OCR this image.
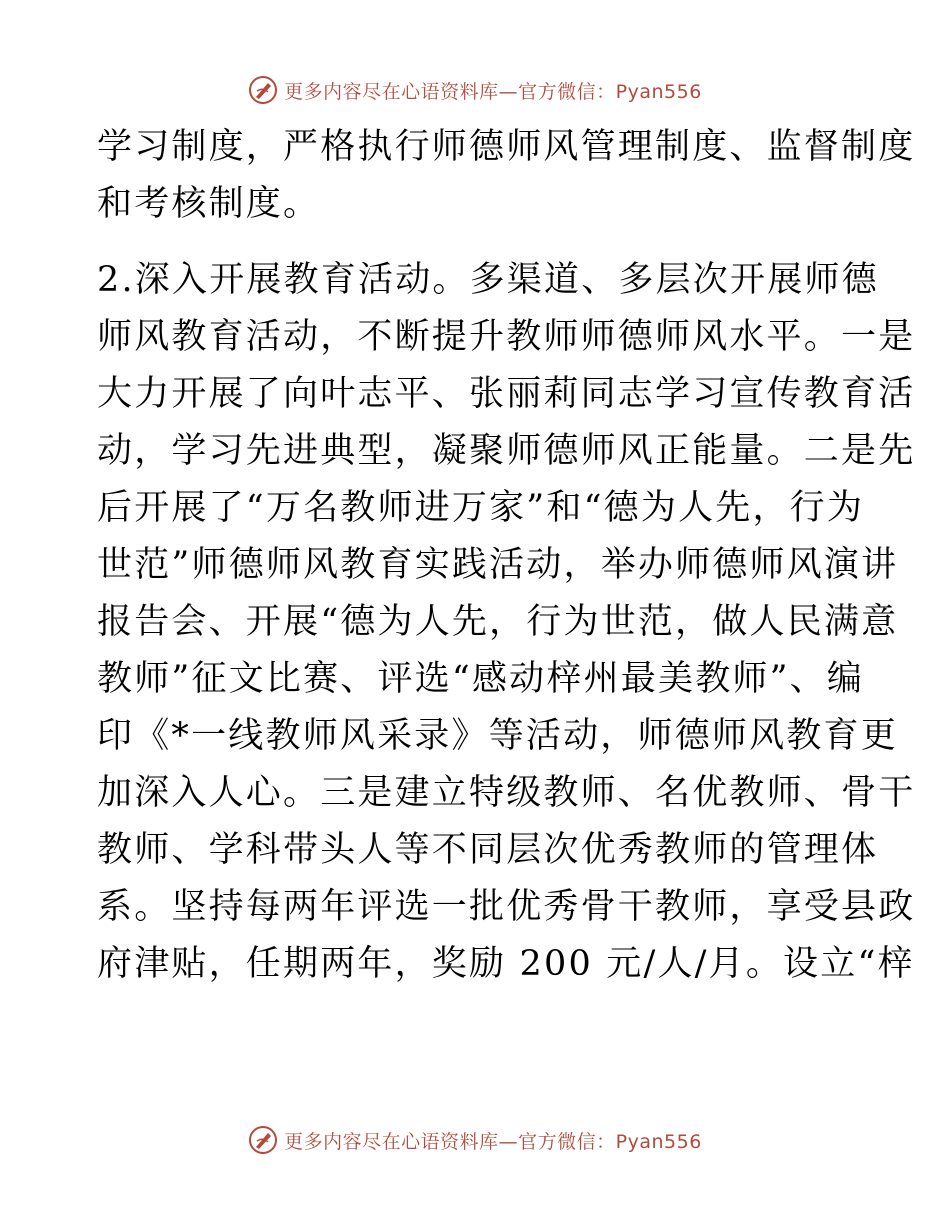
更多内容尽在心语资料库—官方微信：Pyan556
学习制度，严格执行师德师风管理制度、监督制度
和考核制度。
2.深入开展教育活动。多渠道、多层次开展师德
师风教育活动，不断提升教师师德师风水平。一是
大力开展了向叶志平、张丽莉同志学习宣传教育活
动，学习先进典型，凝聚师德师风正能量。二是先
后开展了“万名教师进万家”和“德为人先，行为
世范”师德师风教育实践活动，举办师德师风演讲
报告会、开展“德为人先，行为世范，做人民满意
教师”征文比赛、评选“感动梓州最美教师”、编
印《*一线教师风采录》等活动，师德师风教育更
加深入人心。三是建立特级教师、名优教师、骨干
教师、学科带头人等不同层次优秀教师的管理体
系。坚持每两年评选一批优秀骨干教师，享受县政
府津贴，任期两年，奖励 200 元/人/月。设立“梓
更多内容尽在心语资料库—官方微信：Pyan556
